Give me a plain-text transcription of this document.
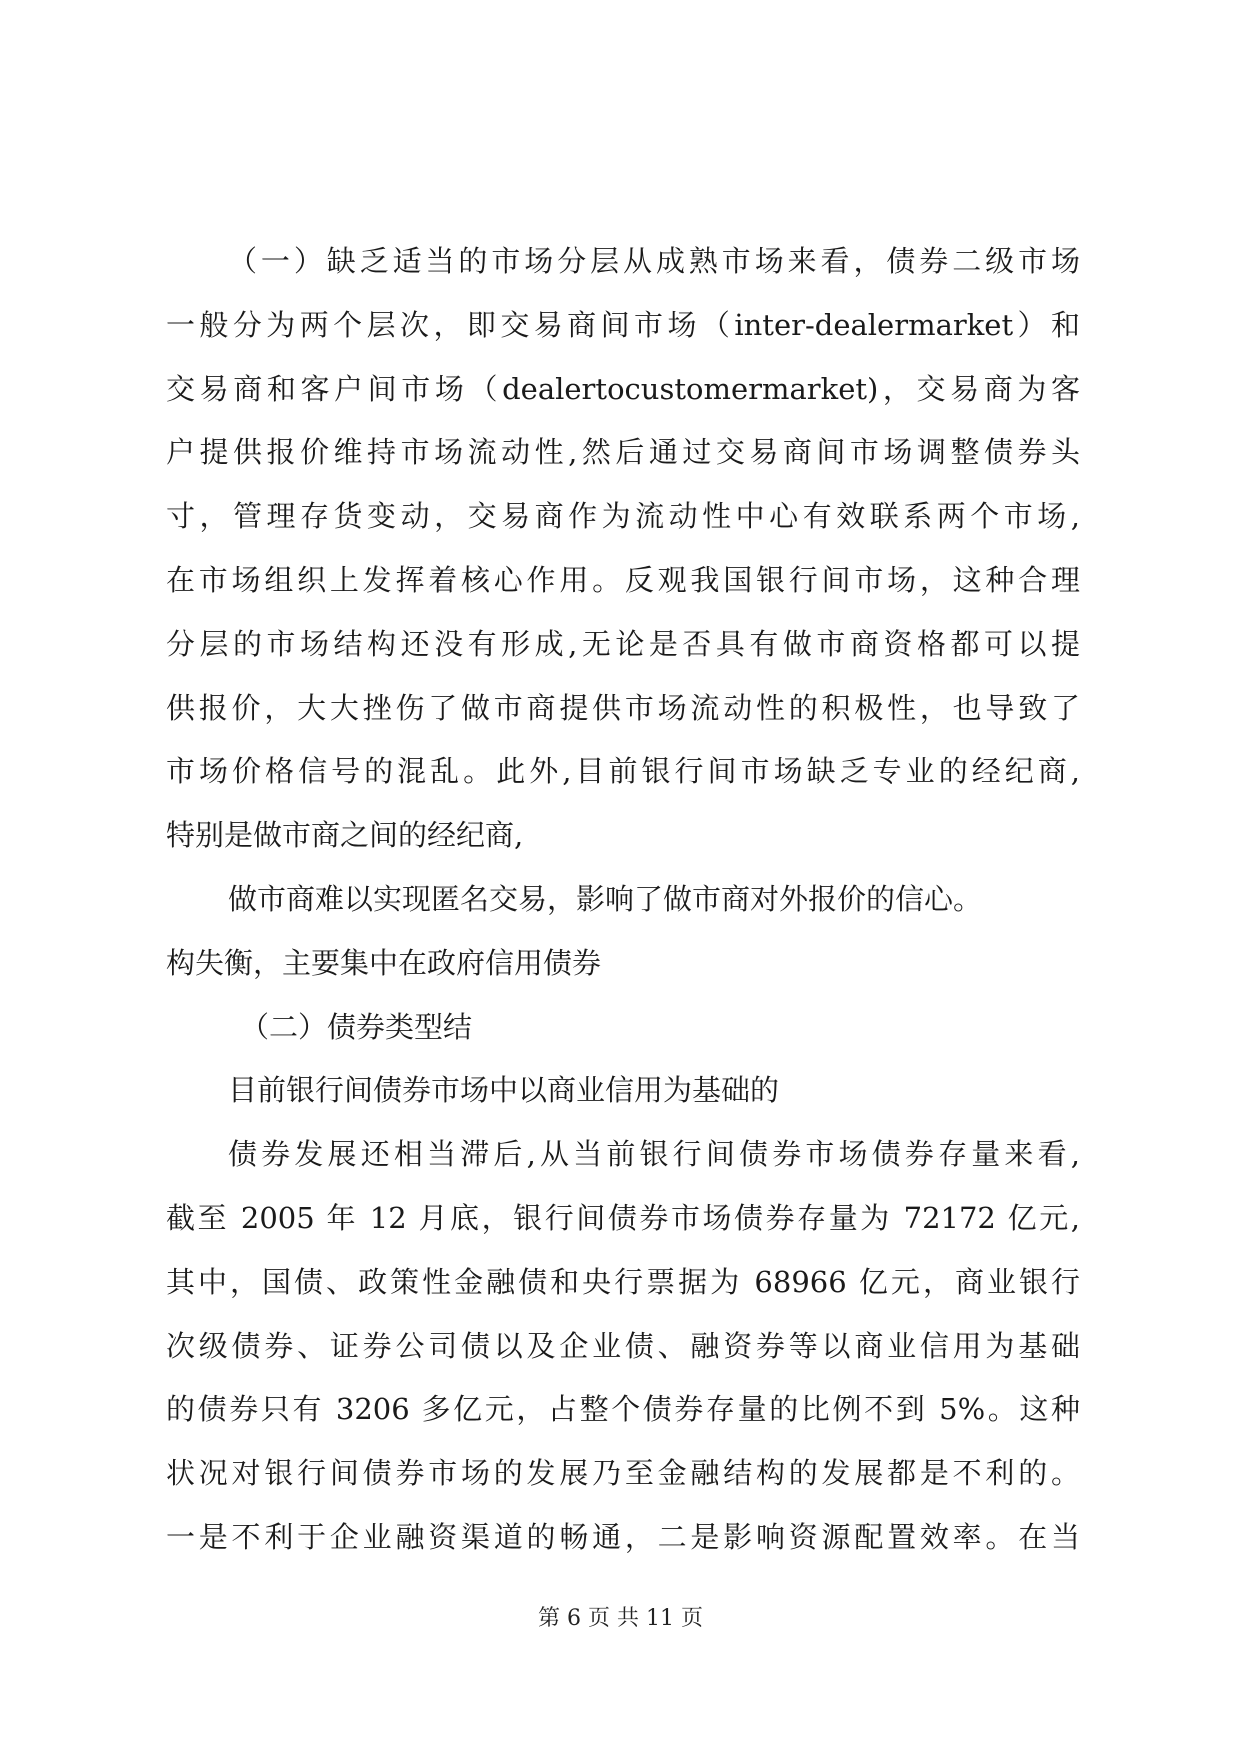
（一）缺乏适当的市场分层从成熟市场来看，债券二级市场
一般分为两个层次，即交易商间市场（inter-dealermarket）和
交易商和客户间市场（dealertocustomermarket)，交易商为客
户提供报价维持市场流动性,然后通过交易商间市场调整债券头
寸，管理存货变动，交易商作为流动性中心有效联系两个市场,
在市场组织上发挥着核心作用。反观我国银行间市场，这种合理
分层的市场结构还没有形成,无论是否具有做市商资格都可以提
供报价，大大挫伤了做市商提供市场流动性的积极性，也导致了
市场价格信号的混乱。此外,目前银行间市场缺乏专业的经纪商,
特别是做市商之间的经纪商,
做市商难以实现匿名交易，影响了做市商对外报价的信心。
构失衡，主要集中在政府信用债券
（二）债券类型结
目前银行间债券市场中以商业信用为基础的
债券发展还相当滞后,从当前银行间债券市场债券存量来看,
截至 2005 年 12 月底，银行间债券市场债券存量为 72172 亿元,
其中，国债、政策性金融债和央行票据为 68966 亿元，商业银行
次级债券、证券公司债以及企业债、融资券等以商业信用为基础
的债券只有 3206 多亿元，占整个债券存量的比例不到 5%。这种
状况对银行间债券市场的发展乃至金融结构的发展都是不利的。
一是不利于企业融资渠道的畅通，二是影响资源配置效率。在当
第 6 页 共 11 页
